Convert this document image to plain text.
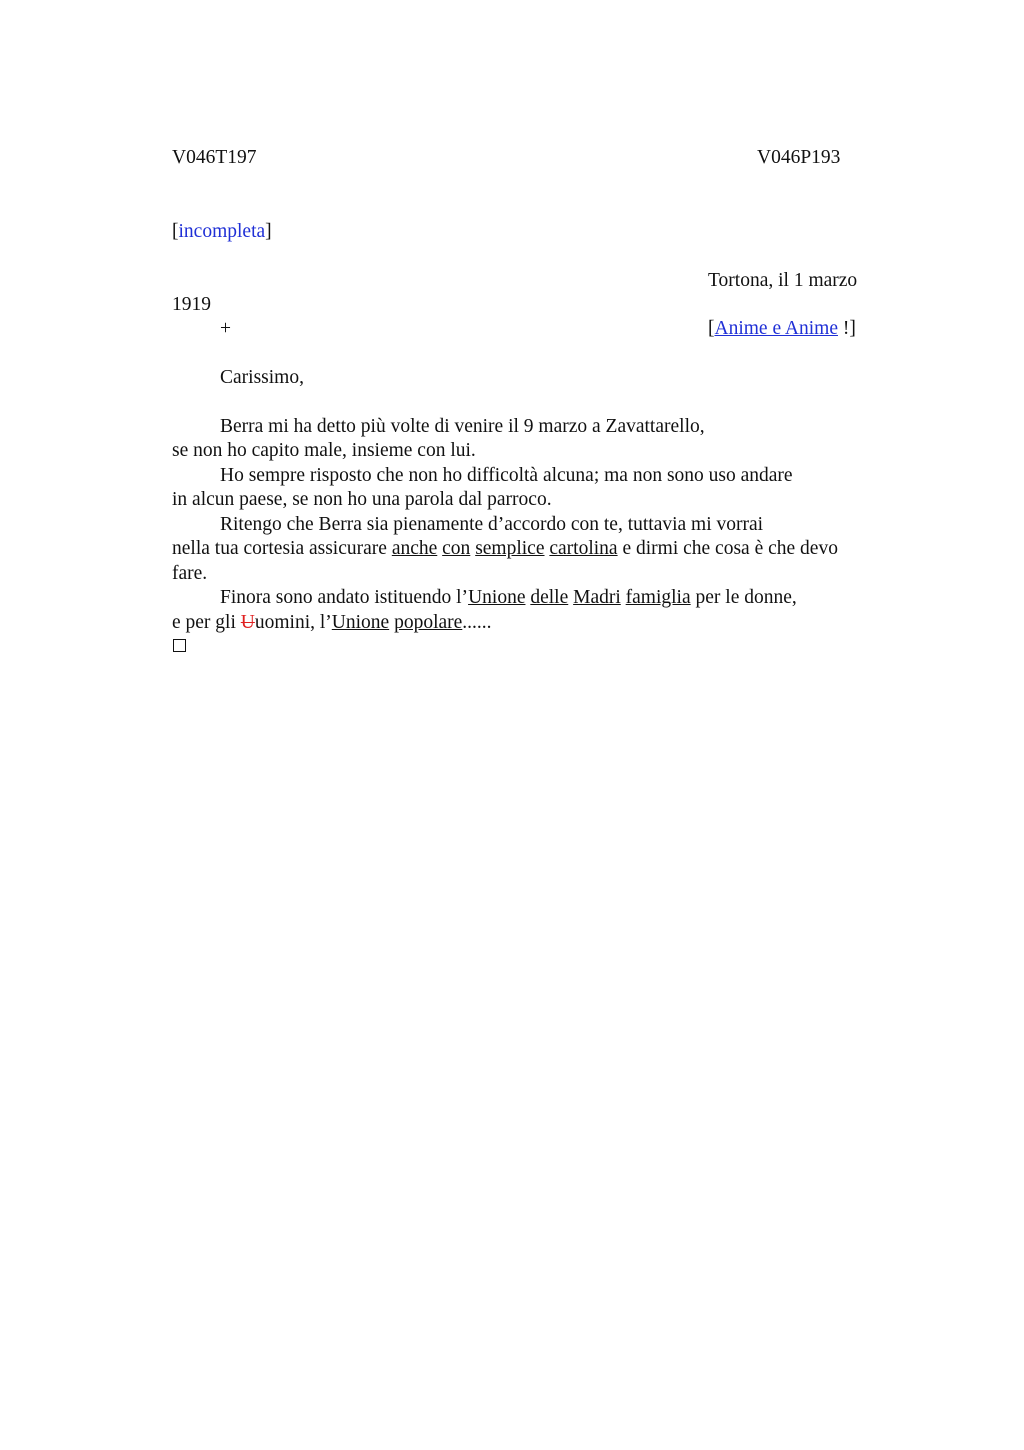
V046T197	V046P193
[incompleta]
Tortona, il 1 marzo
1919
+	[Anime e Anime !]
Carissimo,
Berra mi ha detto più volte di venire il 9 marzo a Zavattarello,
se non ho capito male, insieme con lui.
Ho sempre risposto che non ho difficoltà alcuna; ma non sono uso andare
in alcun paese, se non ho una parola dal parroco.
Ritengo che Berra sia pienamente d’accordo con te, tuttavia mi vorrai
nella tua cortesia assicurare anche con semplice cartolina e dirmi che cosa è che devo
fare.
Finora sono andato istituendo l’Unione delle Madri famiglia per le donne,
e per gli Uuomini, l’Unione popolare......
